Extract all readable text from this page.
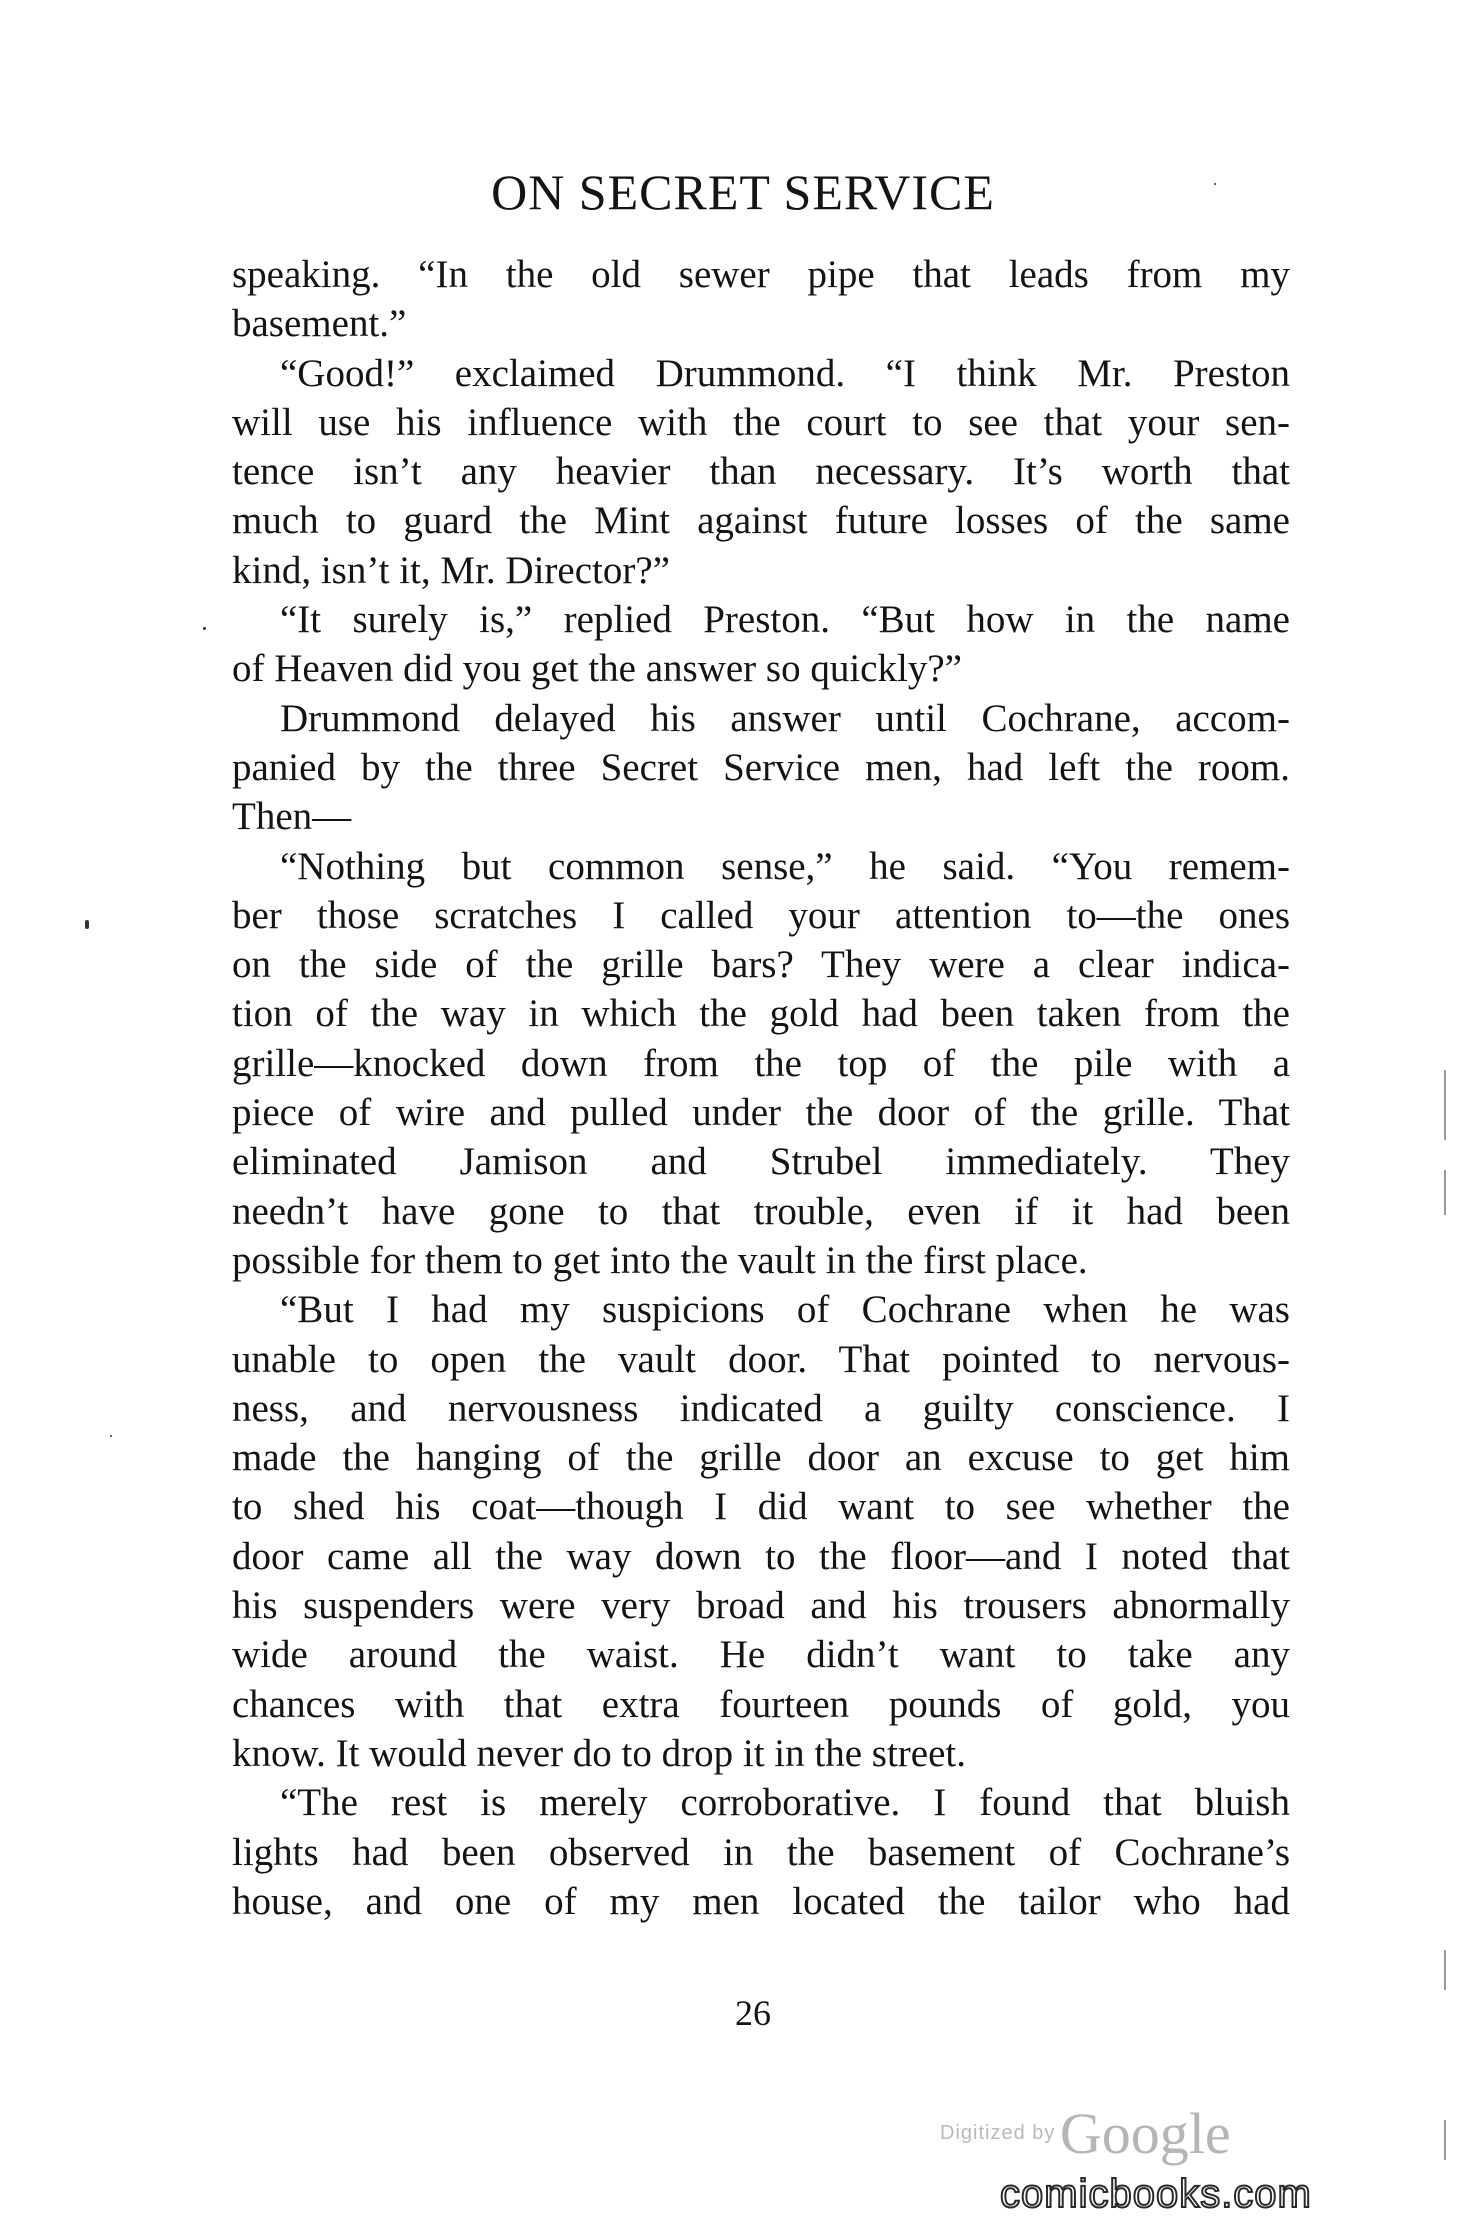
ON SECRET SERVICE
speaking. “In the old sewer pipe that leads from my
basement.”
“Good!” exclaimed Drummond. “I think Mr. Preston
will use his influence with the court to see that your sen-
tence isn’t any heavier than necessary. It’s worth that
much to guard the Mint against future losses of the same
kind, isn’t it, Mr. Director?”
“It surely is,” replied Preston. “But how in the name
of Heaven did you get the answer so quickly?”
Drummond delayed his answer until Cochrane, accom-
panied by the three Secret Service men, had left the room.
Then—
“Nothing but common sense,” he said. “You remem-
ber those scratches I called your attention to—the ones
on the side of the grille bars? They were a clear indica-
tion of the way in which the gold had been taken from the
grille—knocked down from the top of the pile with a
piece of wire and pulled under the door of the grille. That
eliminated Jamison and Strubel immediately. They
needn’t have gone to that trouble, even if it had been
possible for them to get into the vault in the first place.
“But I had my suspicions of Cochrane when he was
unable to open the vault door. That pointed to nervous-
ness, and nervousness indicated a guilty conscience. I
made the hanging of the grille door an excuse to get him
to shed his coat—though I did want to see whether the
door came all the way down to the floor—and I noted that
his suspenders were very broad and his trousers abnormally
wide around the waist. He didn’t want to take any
chances with that extra fourteen pounds of gold, you
know. It would never do to drop it in the street.
“The rest is merely corroborative. I found that bluish
lights had been observed in the basement of Cochrane’s
house, and one of my men located the tailor who had
26
Digitized by Google
comicbooks.com
